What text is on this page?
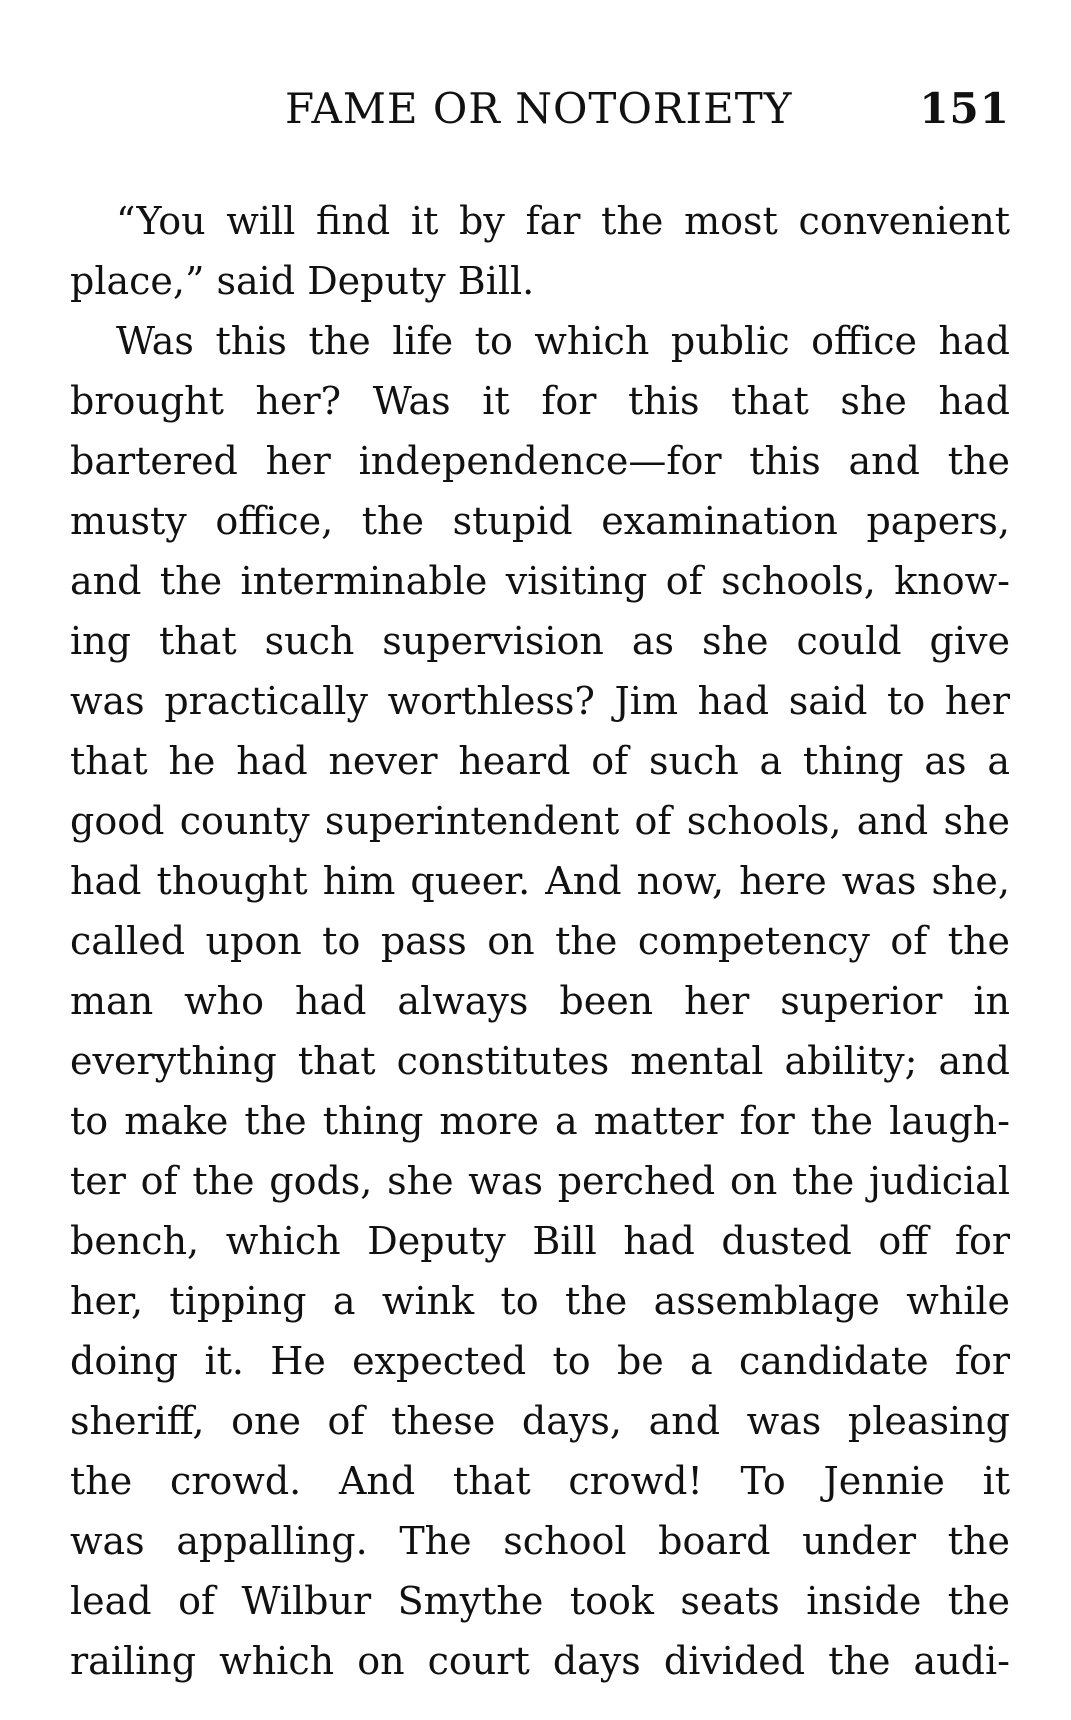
FAME OR NOTORIETY	151
“You will find it by far the most convenient
place,” said Deputy Bill.
Was this the life to which public office had
brought her? Was it for this that she had
bartered her independence—for this and the
musty office, the stupid examination papers,
and the interminable visiting of schools, know-
ing that such supervision as she could give
was practically worthless? Jim had said to her
that he had never heard of such a thing as a
good county superintendent of schools, and she
had thought him queer. And now, here was she,
called upon to pass on the competency of the
man who had always been her superior in
everything that constitutes mental ability; and
to make the thing more a matter for the laugh-
ter of the gods, she was perched on the judicial
bench, which Deputy Bill had dusted off for
her, tipping a wink to the assemblage while
doing it. He expected to be a candidate for
sheriff, one of these days, and was pleasing
the crowd. And that crowd! To Jennie it
was appalling. The school board under the
lead of Wilbur Smythe took seats inside the
railing which on court days divided the audi-
